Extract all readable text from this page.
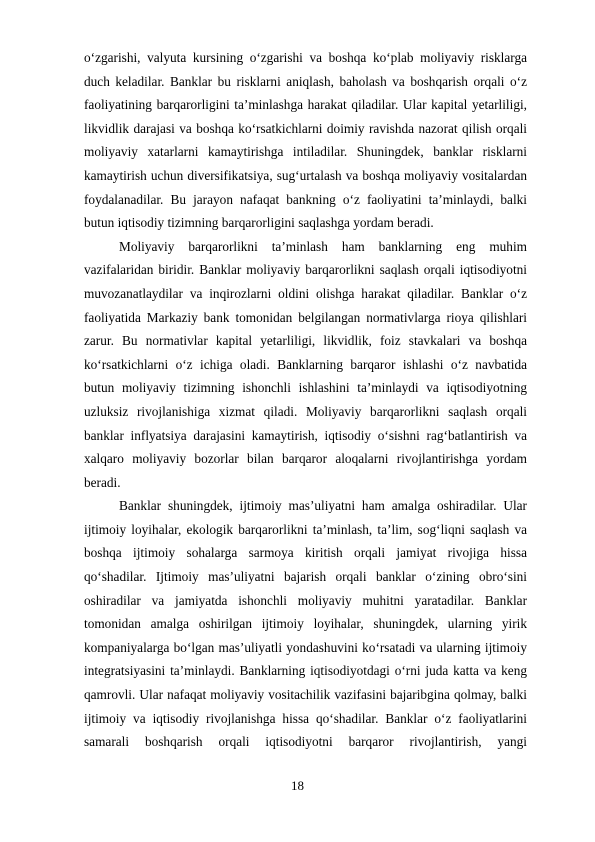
o‘zgarishi, valyuta kursining o‘zgarishi va boshqa ko‘plab moliyaviy risklarga duch keladilar. Banklar bu risklarni aniqlash, baholash va boshqarish orqali o‘z faoliyatining barqarorligini ta’minlashga harakat qiladilar. Ular kapital yetarliligi, likvidlik darajasi va boshqa ko‘rsatkichlarni doimiy ravishda nazorat qilish orqali moliyaviy xatarlarni kamaytirishga intiladilar. Shuningdek, banklar risklarni kamaytirish uchun diversifikatsiya, sug‘urtalash va boshqa moliyaviy vositalardan foydalanadilar. Bu jarayon nafaqat bankning o‘z faoliyatini ta’minlaydi, balki butun iqtisodiy tizimning barqarorligini saqlashga yordam beradi.

Moliyaviy barqarorlikni ta’minlash ham banklarning eng muhim vazifalaridan biridir. Banklar moliyaviy barqarorlikni saqlash orqali iqtisodiyotni muvozanatlaydilar va inqirozlarni oldini olishga harakat qiladilar. Banklar o‘z faoliyatida Markaziy bank tomonidan belgilangan normativlarga rioya qilishlari zarur. Bu normativlar kapital yetarliligi, likvidlik, foiz stavkalari va boshqa ko‘rsatkichlarni o‘z ichiga oladi. Banklarning barqaror ishlashi o‘z navbatida butun moliyaviy tizimning ishonchli ishlashini ta’minlaydi va iqtisodiyotning uzluksiz rivojlanishiga xizmat qiladi. Moliyaviy barqarorlikni saqlash orqali banklar inflyatsiya darajasini kamaytirish, iqtisodiy o‘sishni rag‘batlantirish va xalqaro moliyaviy bozorlar bilan barqaror aloqalarni rivojlantirishga yordam beradi.

Banklar shuningdek, ijtimoiy mas’uliyatni ham amalga oshiradilar. Ular ijtimoiy loyihalar, ekologik barqarorlikni ta’minlash, ta’lim, sog‘liqni saqlash va boshqa ijtimoiy sohalarga sarmoya kiritish orqali jamiyat rivojiga hissa qo‘shadilar. Ijtimoiy mas’uliyatni bajarish orqali banklar o‘zining obro‘sini oshiradilar va jamiyatda ishonchli moliyaviy muhitni yaratadilar. Banklar tomonidan amalga oshirilgan ijtimoiy loyihalar, shuningdek, ularning yirik kompaniyalarga bo‘lgan mas’uliyatli yondashuvini ko‘rsatadi va ularning ijtimoiy integratsiyasini ta’minlaydi. Banklarning iqtisodiyotdagi o‘rni juda katta va keng qamrovli. Ular nafaqat moliyaviy vositachilik vazifasini bajaribgina qolmay, balki ijtimoiy va iqtisodiy rivojlanishga hissa qo‘shadilar. Banklar o‘z faoliyatlarini samarali boshqarish orqali iqtisodiyotni barqaror rivojlantirish, yangi

18
